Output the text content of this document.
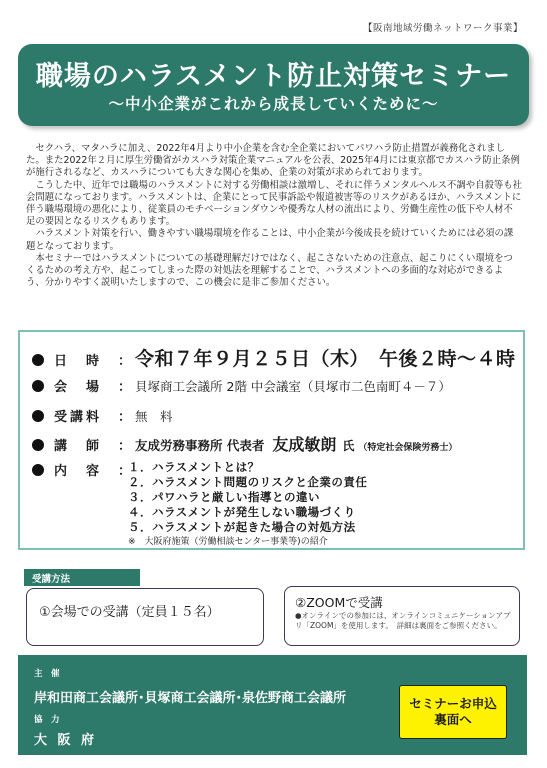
【阪南地域労働ネットワーク事業】
職場のハラスメント防止対策セミナー
～中小企業がこれから成長していくために～

セクハラ、マタハラに加え、2022年4月より中小企業を含む全企業においてパワハラ防止措置が義務化されました。また2022年２月に厚生労働省がカスハラ対策企業マニュアルを公表、2025年4月には東京都でカスハラ防止条例が施行されるなど、カスハラについても大きな関心を集め、企業の対策が求められております。

こうした中、近年では職場のハラスメントに対する労働相談は激増し、それに伴うメンタルヘルス不調や自殺等も社会問題になっております。ハラスメントは、企業にとって民事訴訟や報道被害等のリスクがあるほか、ハラスメントに伴う職場環境の悪化により、従業員のモチベーションダウンや優秀な人材の流出により、労働生産性の低下や人材不足の要因となるリスクもあります。

ハラスメント対策を行い、働きやすい職場環境を作ることは、中小企業が今後成長を続けていくためには必須の課題となっております。

本セミナーではハラスメントについての基礎理解だけではなく、起こさないための注意点、起こりにくい環境をつくるための考え方や、起こってしまった際の対処法を理解することで、ハラスメントへの多面的な対応ができるよう、分かりやすく説明いたしますので、この機会に是非ご参加ください。

日　時	： 令和７年９月２５日（木）　午後２時～４時
会　場	： 貝塚商工会議所 2階 中会議室（貝塚市二色南町４－７）
受講料	： 無　料
講　師	： 友成労務事務所 代表者 友成敏朗 氏 （特定社会保険労務士）
内　容	：
１．ハラスメントとは？
２．ハラスメント問題のリスクと企業の責任
３．パワハラと厳しい指導との違い
４．ハラスメントが発生しない職場づくり
５．ハラスメントが起きた場合の対処方法
※　大阪府施策（労働相談センター事業等)の紹介
受講方法
①会場での受講（定員１５名）
②ZOOMで受講
●オンラインでの参加には、オンラインコミュニケーションアプリ「ZOOM」を使用します。　詳細は裏面をご参照ください。
主　催
岸和田商工会議所･貝塚商工会議所･泉佐野商工会議所
協　力
大 阪 府
セミナーお申込
裏面へ
